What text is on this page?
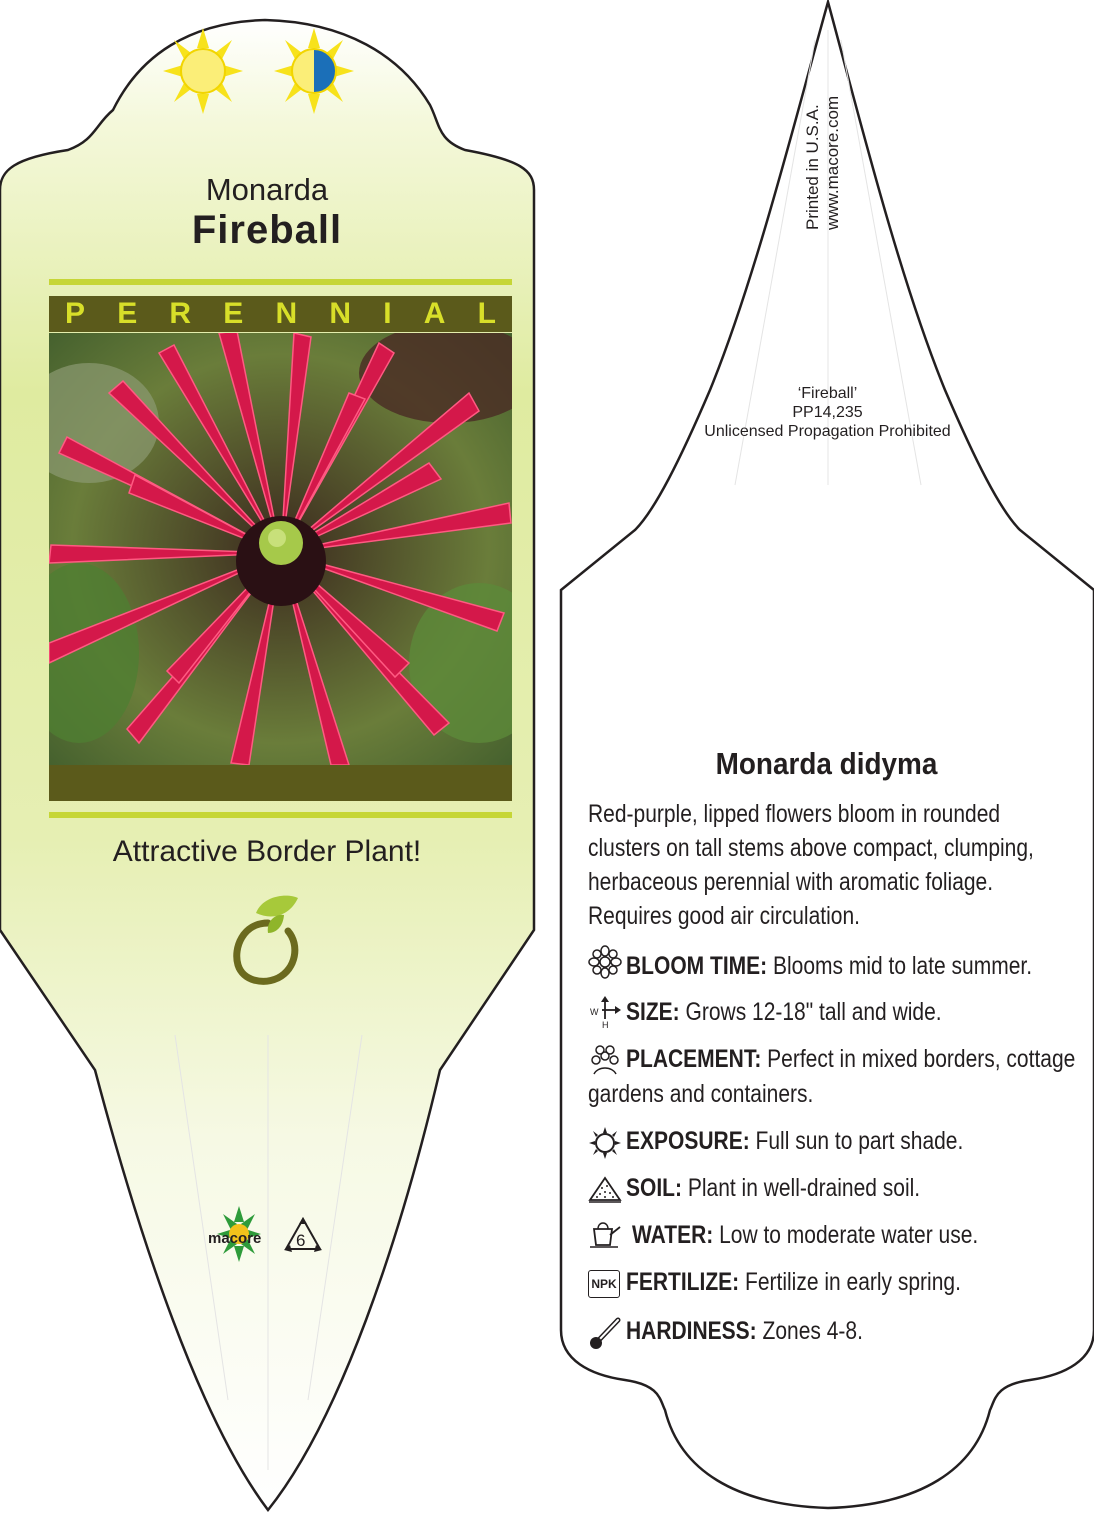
Monarda
Fireball
P E R E N N I A L
Attractive Border Plant!
macore 6
Printed in U.S.A. www.macore.com
‘Fireball’
PP14,235
Unlicensed Propagation Prohibited
Monarda didyma
Red-purple, lipped flowers bloom in rounded
clusters on tall stems above compact, clumping,
herbaceous perennial with aromatic foliage.
Requires good air circulation.
W
H
NPK
BLOOM TIME: Blooms mid to late summer.
SIZE: Grows 12-18" tall and wide.
PLACEMENT: Perfect in mixed borders, cottage
gardens and containers.
EXPOSURE: Full sun to part shade.
SOIL: Plant in well-drained soil.
WATER: Low to moderate water use.
FERTILIZE: Fertilize in early spring.
HARDINESS: Zones 4-8.
